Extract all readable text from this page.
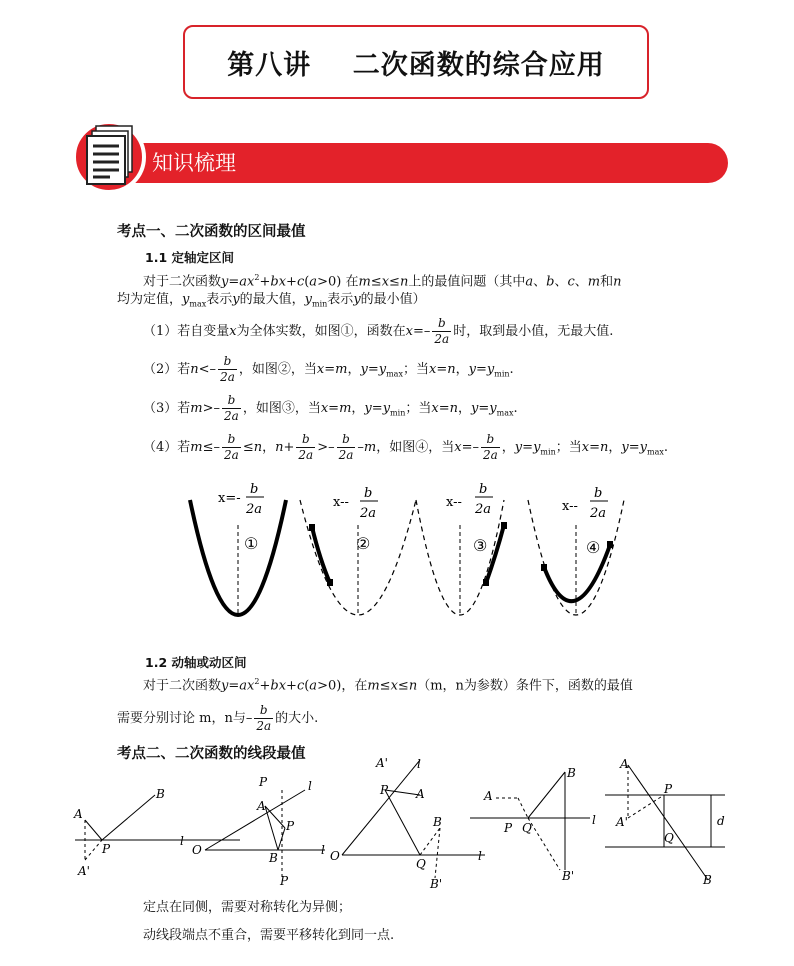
第八讲    二次函数的综合应用
知识梳理
考点一、二次函数的区间最值
1.1 定轴定区间
对于二次函数$y=ax^2+bx+c(a>0)$ 在m≤x≤n上的最值问题（其中a、b、c、m和n
均为定值，$y_{max}$表示y的最大值，$y_{min}$表示y的最小值）
（1）若自变量x为全体实数，如图①，函数在$x=- \frac{b}{2a}$ 时，取到最小值，无最大值.
（2）若$n<- \frac{b}{2a}$ ，如图②，当x=m，$y=y_{max}$；当x=n，$y=y_{min}$.
（3）若$m>- \frac{b}{2a}$ ，如图③，当x=m，$y=y_{min}$；当x=n，$y=y_{max}$.
（4）若$m\le- \frac{b}{2a} \le n$，$n+ \frac{b}{2a} >- \frac{b}{2a} -m$，如图④，当$x=- \frac{b}{2a}$ ，$y=y_{min}$；当x=n，$y=y_{max}$.
x=-
b
2a
①
x--
b
2a
②
x--
b
2a
③
x--
b
2a
④
1.2 动轴或动区间
对于二次函数$y=ax^2+bx+c(a>0)$，在m≤x≤n（m，n为参数）条件下，函数的最值
需要分别讨论 m，n与– $\frac{b}{2a}$ 的大小.
考点二、二次函数的线段最值
A
B
P
A'
l
O
P
A
P
B
P
l
l O
A'
P A
B
Q
B'
l
l
A
P Q
B
B'
l
A
P
A'
Q
d
B
定点在同侧，需要对称转化为异侧；
动线段端点不重合，需要平移转化到同一点.
